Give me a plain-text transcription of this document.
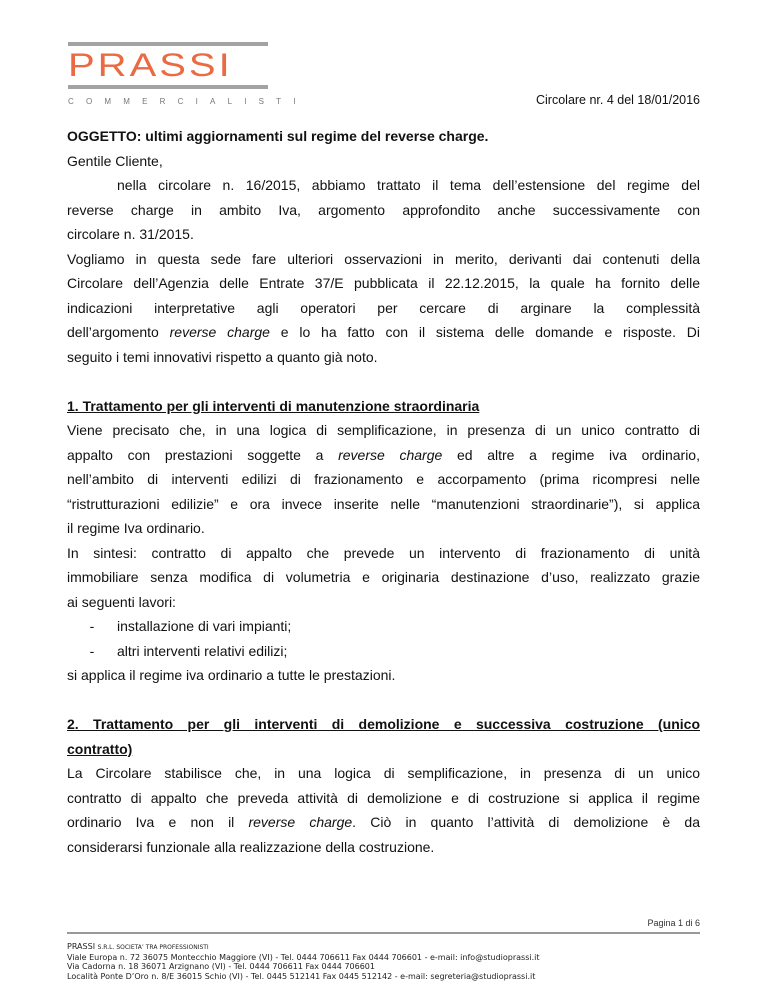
PRASSI
COMMERCIALISTI	Circolare nr. 4 del 18/01/2016
OGGETTO: ultimi aggiornamenti sul regime del reverse charge.
Gentile Cliente,
nella circolare n. 16/2015, abbiamo trattato il tema dell’estensione del regime del
reverse charge in ambito Iva, argomento approfondito anche successivamente con
circolare n. 31/2015.
Vogliamo in questa sede fare ulteriori osservazioni in merito, derivanti dai contenuti della
Circolare dell’Agenzia delle Entrate 37/E pubblicata il 22.12.2015, la quale ha fornito delle
indicazioni interpretative agli operatori per cercare di arginare la complessità
dell’argomento reverse charge e lo ha fatto con il sistema delle domande e risposte. Di
seguito i temi innovativi rispetto a quanto già noto.
1. Trattamento per gli interventi di manutenzione straordinaria
Viene precisato che, in una logica di semplificazione, in presenza di un unico contratto di
appalto con prestazioni soggette a reverse charge ed altre a regime iva ordinario,
nell’ambito di interventi edilizi di frazionamento e accorpamento (prima ricompresi nelle
“ristrutturazioni edilizie” e ora invece inserite nelle “manutenzioni straordinarie”), si applica
il regime Iva ordinario.
In sintesi: contratto di appalto che prevede un intervento di frazionamento di unità
immobiliare senza modifica di volumetria e originaria destinazione d’uso, realizzato grazie
ai seguenti lavori:
-	installazione di vari impianti;
-	altri interventi relativi edilizi;
si applica il regime iva ordinario a tutte le prestazioni.
2. Trattamento per gli interventi di demolizione e successiva costruzione (unico
contratto)
La Circolare stabilisce che, in una logica di semplificazione, in presenza di un unico
contratto di appalto che preveda attività di demolizione e di costruzione si applica il regime
ordinario Iva e non il reverse charge. Ciò in quanto l’attività di demolizione è da
considerarsi funzionale alla realizzazione della costruzione.
Pagina 1 di 6
PRASSI S.R.L. SOCIETA’ TRA PROFESSIONISTI
Viale Europa n. 72 36075 Montecchio Maggiore (VI) - Tel. 0444 706611 Fax 0444 706601 - e-mail: info@studioprassi.it
Via Cadorna n. 18 36071 Arzignano (VI) - Tel. 0444 706611 Fax 0444 706601
Località Ponte D’Oro n. 8/E 36015 Schio (VI) - Tel. 0445 512141 Fax 0445 512142 - e-mail: segreteria@studioprassi.it
